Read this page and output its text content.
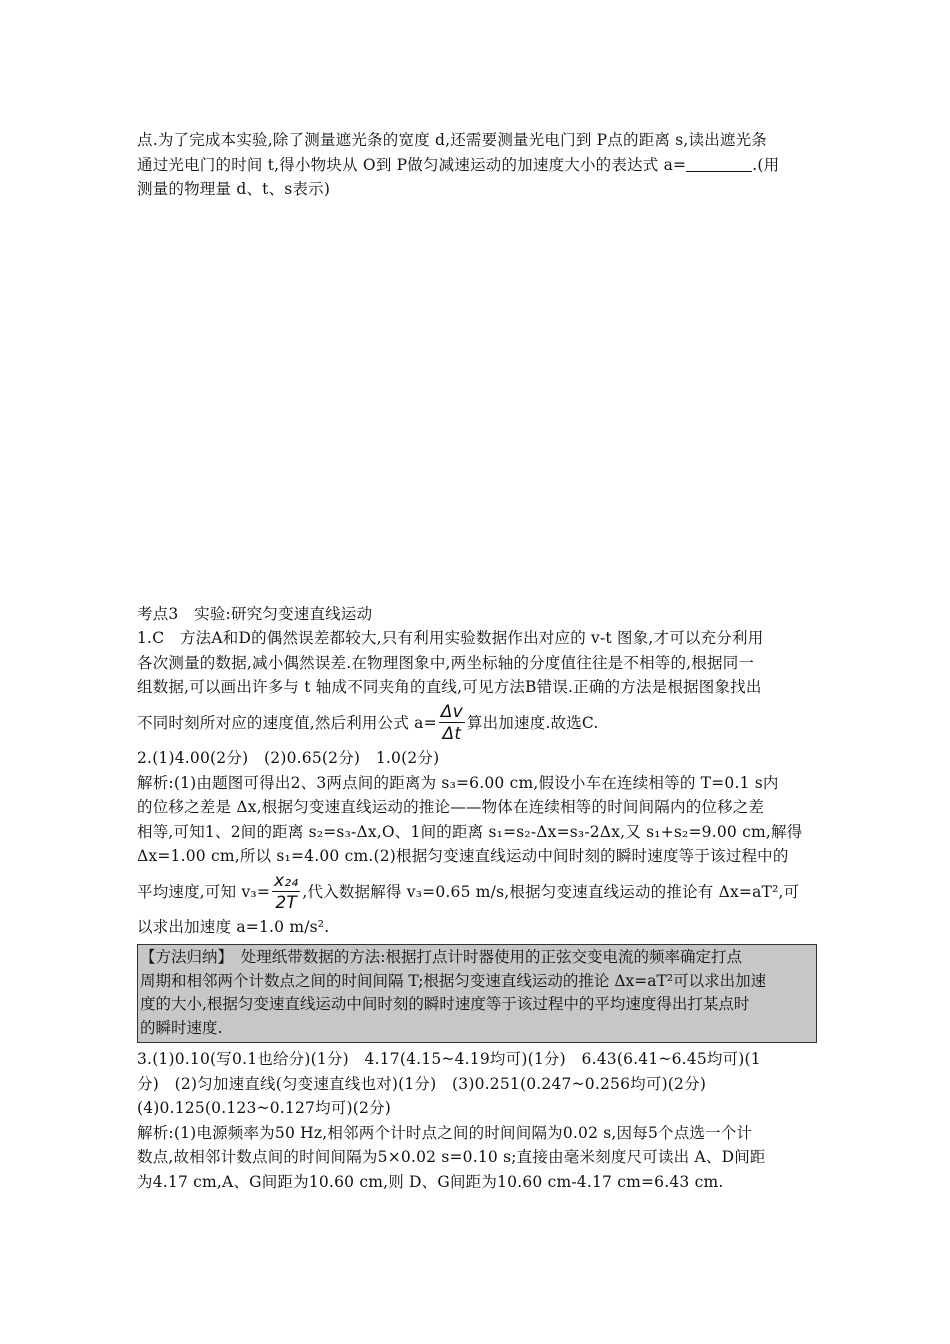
点.为了完成本实验,除了测量遮光条的宽度 d,还需要测量光电门到 P点的距离 s,读出遮光条
通过光电门的时间 t,得小物块从 O到 P做匀减速运动的加速度大小的表达式 a=	.(用
测量的物理量 d、t、s表示)
考点3　实验:研究匀变速直线运动
1.C　方法A和D的偶然误差都较大,只有利用实验数据作出对应的 v-t 图象,才可以充分利用
各次测量的数据,减小偶然误差.在物理图象中,两坐标轴的分度值往往是不相等的,根据同一
组数据,可以画出许多与 t 轴成不同夹角的直线,可见方法B错误.正确的方法是根据图象找出
不同时刻所对应的速度值,然后利用公式 $a= \frac{\Delta v}{\Delta t}$ 算出加速度.故选C.
2.(1)4.00(2分)　(2)0.65(2分)　1.0(2分)
解析:(1)由题图可得出2、3两点间的距离为 s₃=6.00 cm,假设小车在连续相等的 T=0.1 s内
的位移之差是 Δx,根据匀变速直线运动的推论——物体在连续相等的时间间隔内的位移之差
相等,可知1、2间的距离 s₂=s₃-Δx,O、1间的距离 s₁=s₂-Δx=s₃-2Δx,又 s₁+s₂=9.00 cm,解得
Δx=1.00 cm,所以 s₁=4.00 cm.(2)根据匀变速直线运动中间时刻的瞬时速度等于该过程中的
平均速度,可知 $v_3= \frac{\text{x₂₄}}{2T}$ ,代入数据解得 v₃=0.65 m/s,根据匀变速直线运动的推论有 Δx=aT²,可
以求出加速度 a=1.0 m/s².
【方法归纳】　处理纸带数据的方法:根据打点计时器使用的正弦交变电流的频率确定打点
周期和相邻两个计数点之间的时间间隔 T;根据匀变速直线运动的推论 Δx=aT²可以求出加速
度的大小,根据匀变速直线运动中间时刻的瞬时速度等于该过程中的平均速度得出打某点时
的瞬时速度.
3.(1)0.10(写0.1也给分)(1分)　4.17(4.15~4.19均可)(1分)　6.43(6.41~6.45均可)(1
分)　(2)匀加速直线(匀变速直线也对)(1分)　(3)0.251(0.247~0.256均可)(2分)
(4)0.125(0.123~0.127均可)(2分)
解析:(1)电源频率为50 Hz,相邻两个计时点之间的时间间隔为0.02 s,因每5个点选一个计
数点,故相邻计数点间的时间间隔为5×0.02 s=0.10 s;直接由毫米刻度尺可读出 A、D间距
为4.17 cm,A、G间距为10.60 cm,则 D、G间距为10.60 cm-4.17 cm=6.43 cm.
